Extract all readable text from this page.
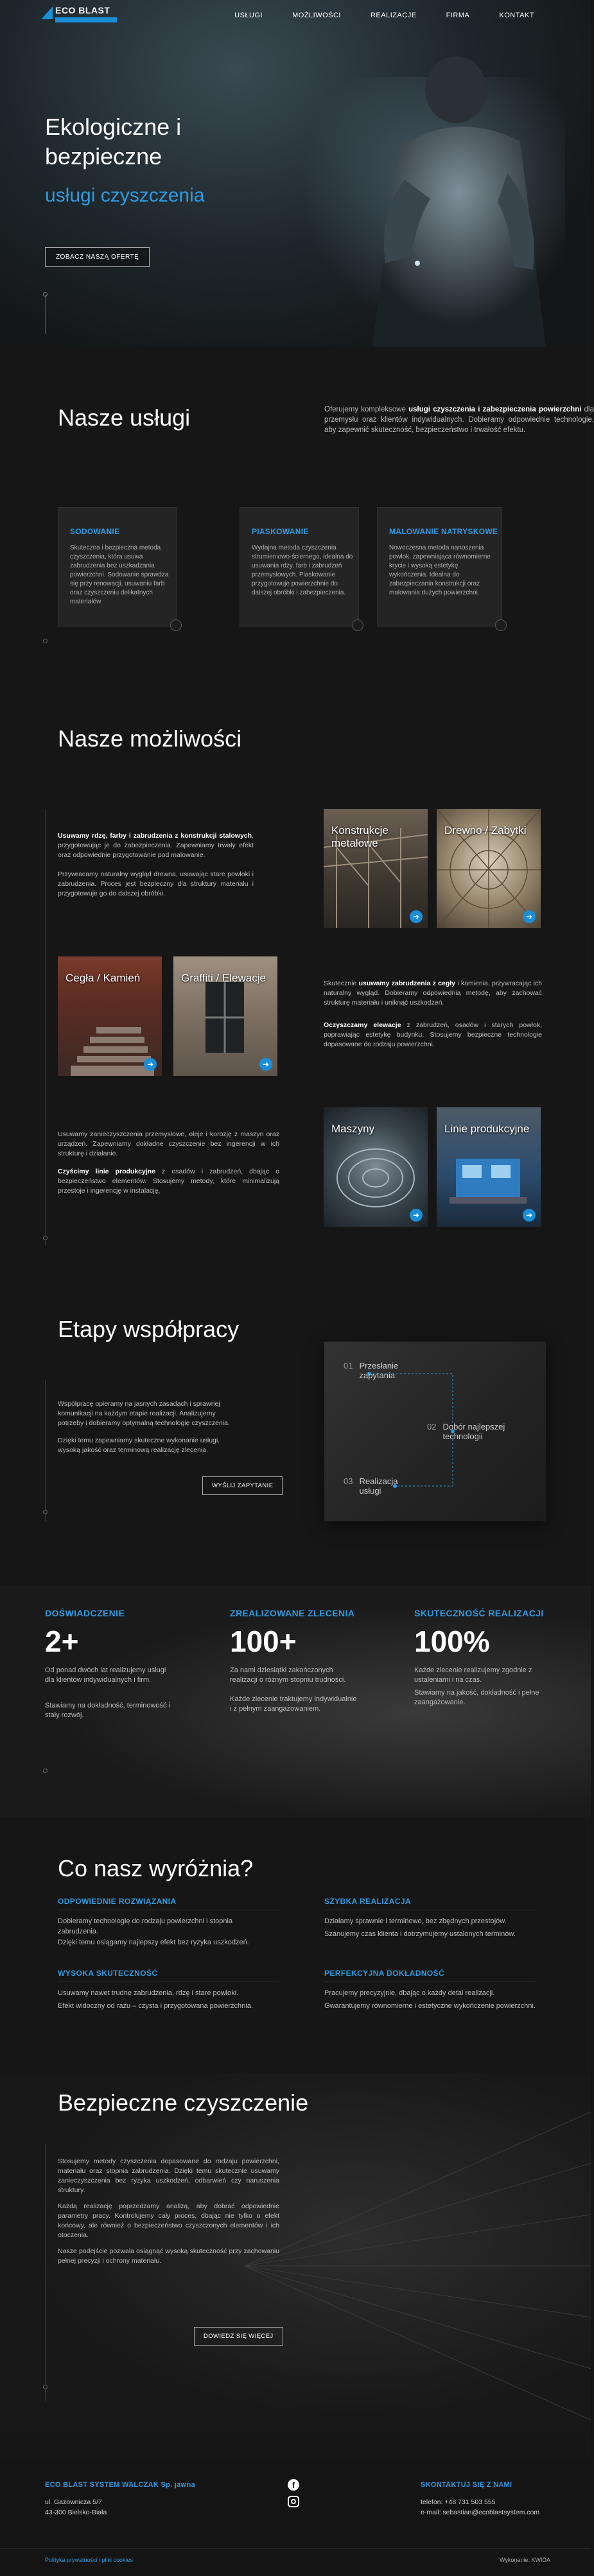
Ekologiczne i bezpieczne
usługi czyszczenia
ZOBACZ NASZĄ OFERTĘ
ECO BLAST	USŁUGI	MOŻLIWOŚCI	REALIZACJE	FIRMA	KONTAKT
Nasze usługi	Oferujemy kompleksowe usługi czyszczenia i zabezpieczenia powierzchni dla przemysłu oraz klientów indywidualnych. Dobieramy odpowiednie technologie, aby zapewnić skuteczność, bezpieczeństwo i trwałość efektu.
SODOWANIE
Skuteczna i bezpieczna metoda czyszczenia, która usuwa zabrudzenia bez uszkadzania powierzchni. Sodowanie sprawdza się przy renowacji, usuwaniu farb oraz czyszczeniu delikatnych materiałów.
PIASKOWANIE
Wydajna metoda czyszczenia strumieniowo-ściernego, idealna do usuwania rdzy, farb i zabrudzeń przemysłowych. Piaskowanie przygotowuje powierzchnie do dalszej obróbki i zabezpieczenia.
MALOWANIE NATRYSKOWE
Nowoczesna metoda nanoszenia powłok, zapewniająca równomierne krycie i wysoką estetykę wykończenia. Idealna do zabezpieczania konstrukcji oraz malowania dużych powierzchni.
Nasze możliwości
Usuwamy rdzę, farby i zabrudzenia z konstrukcji stalowych, przygotowując je do zabezpieczenia. Zapewniamy trwały efekt oraz odpowiednie przygotowanie pod malowanie.
Przywracamy naturalny wygląd drewna, usuwając stare powłoki i zabrudzenia. Proces jest bezpieczny dla struktury materiału i przygotowuje go do dalszej obróbki.
Konstrukcje metalowe
➜
Drewno / Zabytki
➜
Cegła / Kamień
➜
Graffiti / Elewacje
➜
Skutecznie usuwamy zabrudzenia z cegły i kamienia, przywracając ich naturalny wygląd. Dobieramy odpowiednią metodę, aby zachować strukturę materiału i uniknąć uszkodzeń.
Oczyszczamy elewacje z zabrudzeń, osadów i starych powłok, poprawiając estetykę budynku. Stosujemy bezpieczne technologie dopasowane do rodzaju powierzchni.
Maszyny
➜
Linie produkcyjne
➜
Usuwamy zanieczyszczenia przemysłowe, oleje i korozję z maszyn oraz urządzeń. Zapewniamy dokładne czyszczenie bez ingerencji w ich strukturę i działanie.
Czyścimy linie produkcyjne z osadów i zabrudzeń, dbając o bezpieczeństwo elementów. Stosujemy metody, które minimalizują przestoje i ingerencję w instalację.
Etapy współpracy
Współpracę opieramy na jasnych zasadach i sprawnej komunikacji na każdym etapie realizacji. Analizujemy potrzeby i dobieramy optymalną technologię czyszczenia.
Dzięki temu zapewniamy skuteczne wykonanie usługi, wysoką jakość oraz terminową realizację zlecenia.
WYŚLIJ ZAPYTANIE
01 Przesłanie zapytania
02 Dobór najlepszej technologii
03 Realizacja usługi
DOŚWIADCZENIE
2+
Od ponad dwóch lat realizujemy usługi dla klientów indywidualnych i firm.
Stawiamy na dokładność, terminowość i stały rozwój.
ZREALIZOWANE ZLECENIA
100+
Za nami dziesiątki zakończonych realizacji o różnym stopniu trudności.
Każde zlecenie traktujemy indywidualnie i z pełnym zaangażowaniem.
SKUTECZNOŚĆ REALIZACJI
100%
Każde zlecenie realizujemy zgodnie z ustaleniami i na czas.
Stawiamy na jakość, dokładność i pełne zaangażowanie.
Co nasz wyróżnia?
ODPOWIEDNIE ROZWIĄZANIA
Dobieramy technologię do rodzaju powierzchni i stopnia zabrudzenia.
Dzięki temu osiągamy najlepszy efekt bez ryzyka uszkodzeń.
SZYBKA REALIZACJA
Działamy sprawnie i terminowo, bez zbędnych przestojów.
Szanujemy czas klienta i dotrzymujemy ustalonych terminów.
WYSOKA SKUTECZNOŚĆ
Usuwamy nawet trudne zabrudzenia, rdzę i stare powłoki.
Efekt widoczny od razu – czysta i przygotowana powierzchnia.
PERFEKCYJNA DOKŁADNOŚĆ
Pracujemy precyzyjnie, dbając o każdy detal realizacji.
Gwarantujemy równomierne i estetyczne wykończenie powierzchni.
Bezpieczne czyszczenie
Stosujemy metody czyszczenia dopasowane do rodzaju powierzchni, materiału oraz stopnia zabrudzenia. Dzięki temu skutecznie usuwamy zanieczyszczenia bez ryzyka uszkodzeń, odbarwień czy naruszenia struktury.
Każdą realizację poprzedzamy analizą, aby dobrać odpowiednie parametry pracy. Kontrolujemy cały proces, dbając nie tylko o efekt końcowy, ale również o bezpieczeństwo czyszczonych elementów i ich otoczenia.
Nasze podejście pozwala osiągnąć wysoką skuteczność przy zachowaniu pełnej precyzji i ochrony materiału.
DOWIEDZ SIĘ WIĘCEJ
ECO BLAST SYSTEM WALCZAK Sp. jawna
ul. Gazownicza 5/7
43-300 Bielsko-Biała
f	SKONTAKTUJ SIĘ Z NAMI
telefon: +48 731 503 555
e-mail: sebastian@ecoblastsystem.com
Polityka prywatności i pliki cookies	Wykonanie: KWIDA
